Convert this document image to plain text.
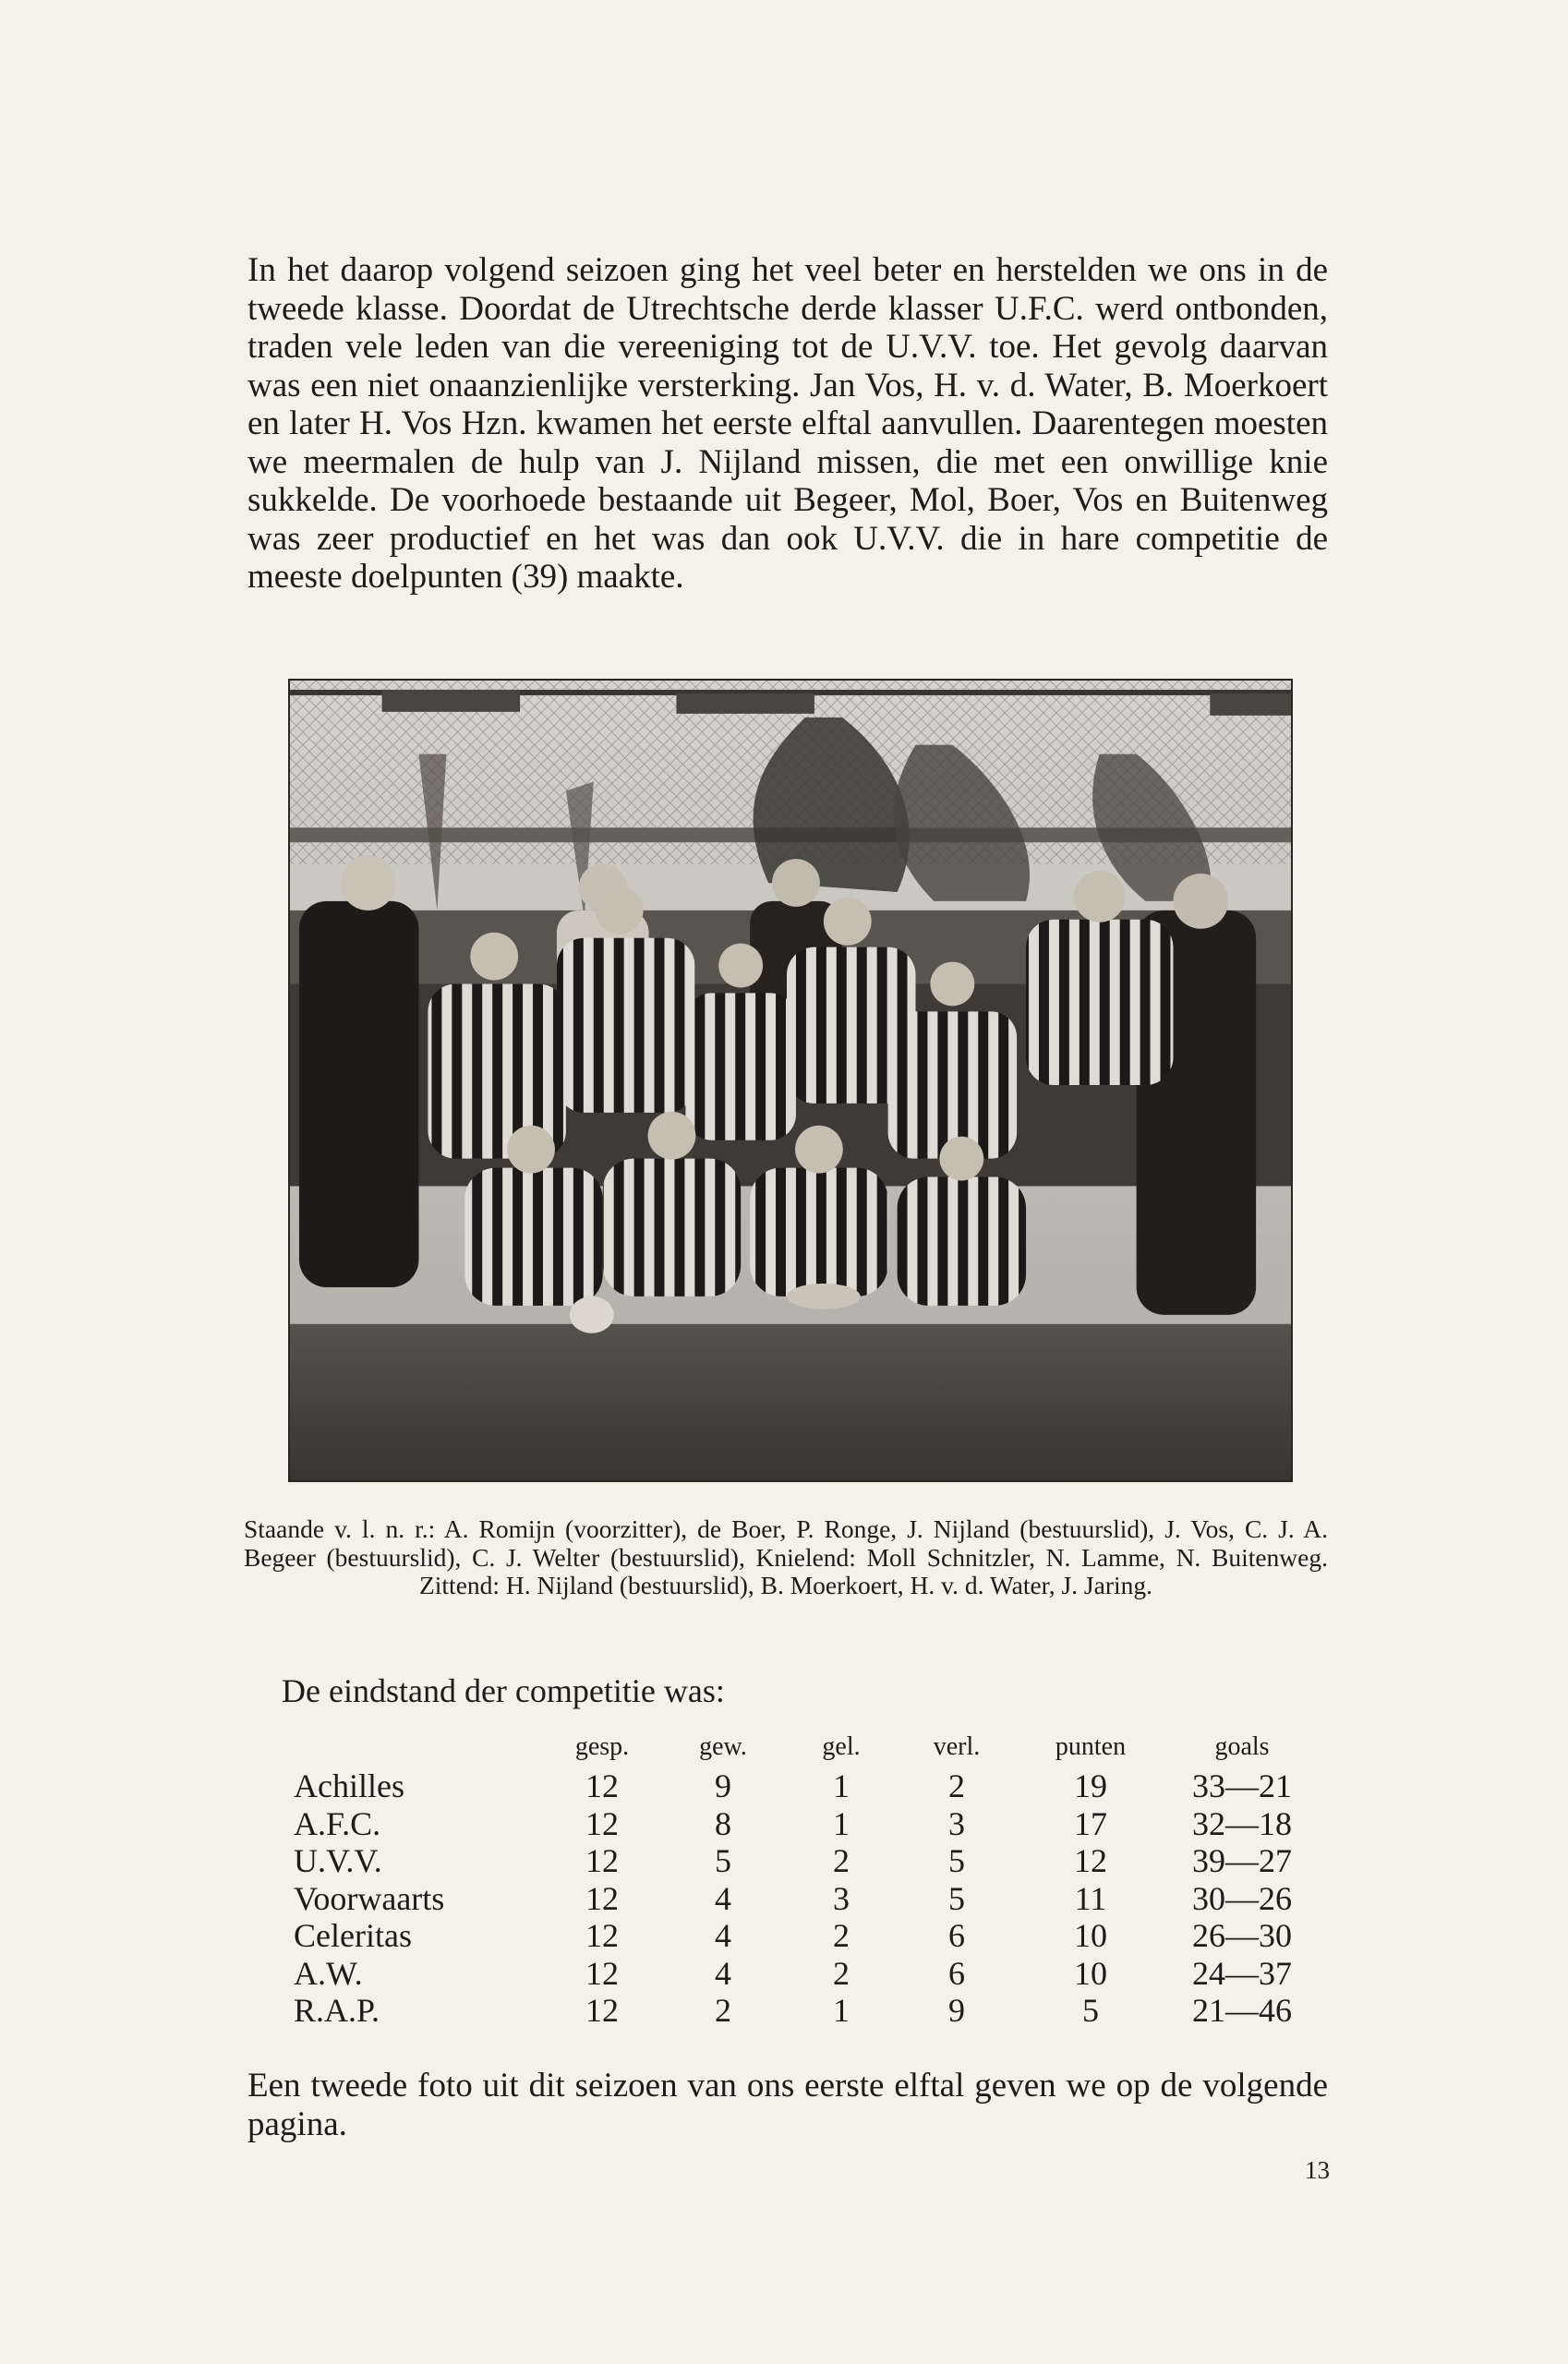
In het daarop volgend seizoen ging het veel beter en herstelden we ons in de tweede klasse. Doordat de Utrechtsche derde klasser U.F.C. werd ontbonden, traden vele leden van die vereeniging tot de U.V.V. toe. Het gevolg daarvan was een niet onaanzienlijke versterking. Jan Vos, H. v. d. Water, B. Moerkoert en later H. Vos Hzn. kwamen het eerste elftal aanvullen. Daarentegen moesten we meermalen de hulp van J. Nijland missen, die met een onwillige knie sukkelde. De voorhoede bestaande uit Begeer, Mol, Boer, Vos en Buitenweg was zeer productief en het was dan ook U.V.V. die in hare competitie de meeste doelpunten (39) maakte.

Staande v. l. n. r.: A. Romijn (voorzitter), de Boer, P. Ronge, J. Nijland (bestuurslid), J. Vos, C. J. A. Begeer (bestuurslid), C. J. Welter (bestuurslid), Knielend: Moll Schnitzler, N. Lamme, N. Buitenweg. Zittend: H. Nijland (bestuurslid), B. Moerkoert, H. v. d. Water, J. Jaring.

De eindstand der competitie was:

	gesp.	gew.	gel.	verl.	punten	goals
Achilles	12	9	1	2	19	33—21
A.F.C.	12	8	1	3	17	32—18
U.V.V.	12	5	2	5	12	39—27
Voorwaarts	12	4	3	5	11	30—26
Celeritas	12	4	2	6	10	26—30
A.W.	12	4	2	6	10	24—37
R.A.P.	12	2	1	9	5	21—46

Een tweede foto uit dit seizoen van ons eerste elftal geven we op de volgende pagina.

13
